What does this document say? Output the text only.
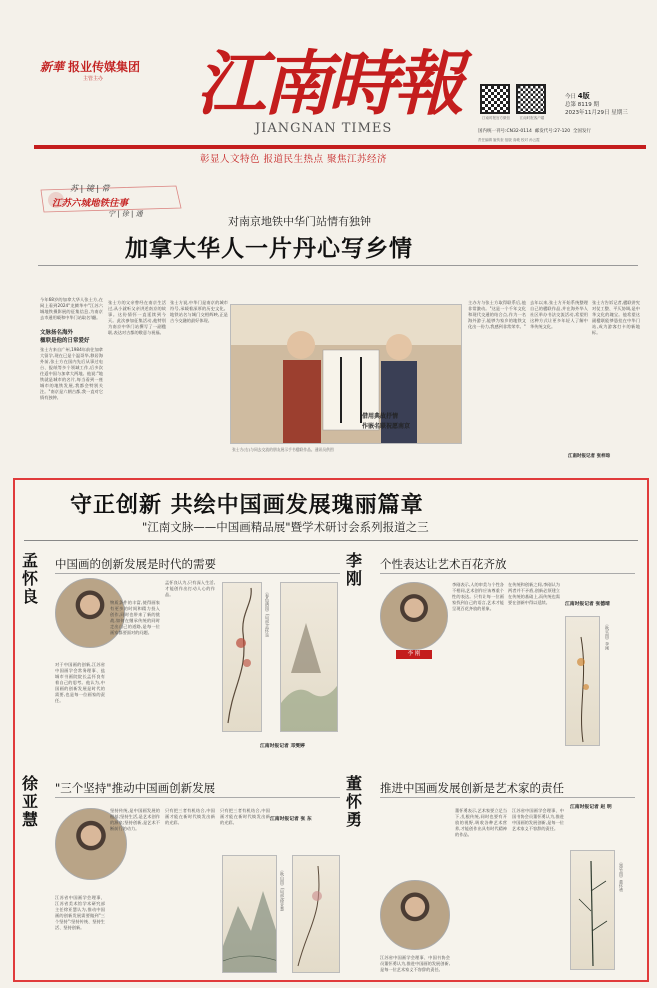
新華 报业传媒集团
主管主办 江南時報
JIANGNAN TIMES
江南时报官方微信	江南时报客户端
今日 4版
总第 8119 期
2023年11月29日 星期三
国内统一刊号:CN32-0114 邮发代号:27-120 全国发行
责任编辑 姬传奎 组版 高峻 校对 孙云霞
彰显人文特色 报道民生热点 聚焦江苏经济
苏 | 镜 | 常
江苏六城地铁往事
宁 | 徐 | 通
对南京地铁中华门站情有独钟
加拿大华人一片丹心写乡情
今年68岁的加拿大华人张士方,在网上看到2024"龙腾华中"江苏六城地铁摄影展的征集信息,为南京去市通用载和中华门站取名!翻。
文脉扬名海外
楹联是他的日常爱好
张士方来自广州,1984年前往加拿大留学,现在已是个温哥华,移居海外前,张士方在国内先后从事过电台、报纸等多个领域工作,后多次往返中国与加拿大两地。他说:"地铁就是城市的名片,每当看到一座城市的地铁发展,我都会特别关注。"南京是六朝古都,我一直对它情有独钟。
张士方的父亲曾经在南京生活过,从小就听父亲讲述南京的故事。这份情怀一直延续到今天。此次参加征集活动,他特别为南京中华门站撰写了一副楹联,表达对古都的敬意与祝福。
张士方说,中华门是南京的城市符号,承载着深厚的历史文化。地铁站名与城门交相辉映,正是古今交融的最好体现。
张士方(右)与同去交流的朋友展示手书楹联作品。通讯员供图
主办方与张士方取得联系后,他非常激动。"这是一个千年文化和现代交通的结合点,作为一名海外游子,能够为家乡的地铁文化出一份力,我感到非常荣幸。"
去年以来,张士方开始系统整理自己的楹联作品,并在海外华人社区举办书法交流活动,希望用这种方式让更多年轻人了解中华传统文化。
张士方告诉记者,楹联讲究对仗工整、平仄协调,是中华文化的瑰宝。他希望这副楹联能够悬挂在中华门站,成为游客打卡的新地标。
借用典故抒情
作嵌名联祝愿南京
江南时报记者 张梓琮
守正创新 共绘中国画发展瑰丽篇章
"江南文脉——中国画精品展"暨学术研讨会系列报道之三
孟怀良
中国画的创新发展是时代的需要
对于中国画的创新,江苏省中国画学会常务理事、盐城市书画院院长孟怀良有着自己的思考。他认为,中国画的创新发展是时代的需要,也是每一位画家的责任。
物质条件的丰富,使得画家有更多的时间和精力投入创作,同时也带来了新的挑战,如何在继承传统的同时走出自己的道路,是每一位画家都要面对的问题。
孟怀良认为,只有深入生活,才能创作出打动人心的作品。	《春色满园》(局部)孟怀良
江南时报记者 邓雯婷
李刚
个性表达让艺术百花齐放
李 刚
李刚表示,人的审美与个性各不相同,艺术创作应该尊重个性的表达。只有让每一位画家找到自己的语言,艺术才能呈现百花齐放的景象。
在传统和创新之间,李刚认为两者并不矛盾,创新必须建立在传统的基础上,而传统也需要在创新中得以延续。
《秋实图》李刚
江南时报记者 张德靖
徐亚慧
"三个坚持"推动中国画创新发展
江苏省中国画学会理事、江苏省美术馆学术研究部主任徐亚慧认为,推动中国画的创新发展需要做到"三个坚持":坚持传统、坚持生活、坚持创新。
坚持传统,是中国画发展的根基;坚持生活,是艺术创作的源泉;坚持创新,是艺术不断前行的动力。
只有把三者有机结合,中国画才能在新时代焕发出新的光彩。
只有把三者有机结合,中国画才能在新时代焕发出新的光彩。
江南时报记者 张 东
《秋山图》(局部)徐亚慧
董怀勇
推进中国画发展创新是艺术家的责任
江苏省中国画学会理事、中国书协会员董怀勇认为,推进中国画的发展创新,是每一位艺术家义不容辞的责任。
董怀勇表示,艺术家要立足当下,扎根传统,同时也要有开放的视野,吸收各种艺术营养,才能创作出具有时代精神的作品。
江苏省中国画学会理事、中国书协会员董怀勇认为,推进中国画的发展创新,是每一位艺术家义不容辞的责任。
江南时报记者 赵 明
《墨竹图》董怀勇
